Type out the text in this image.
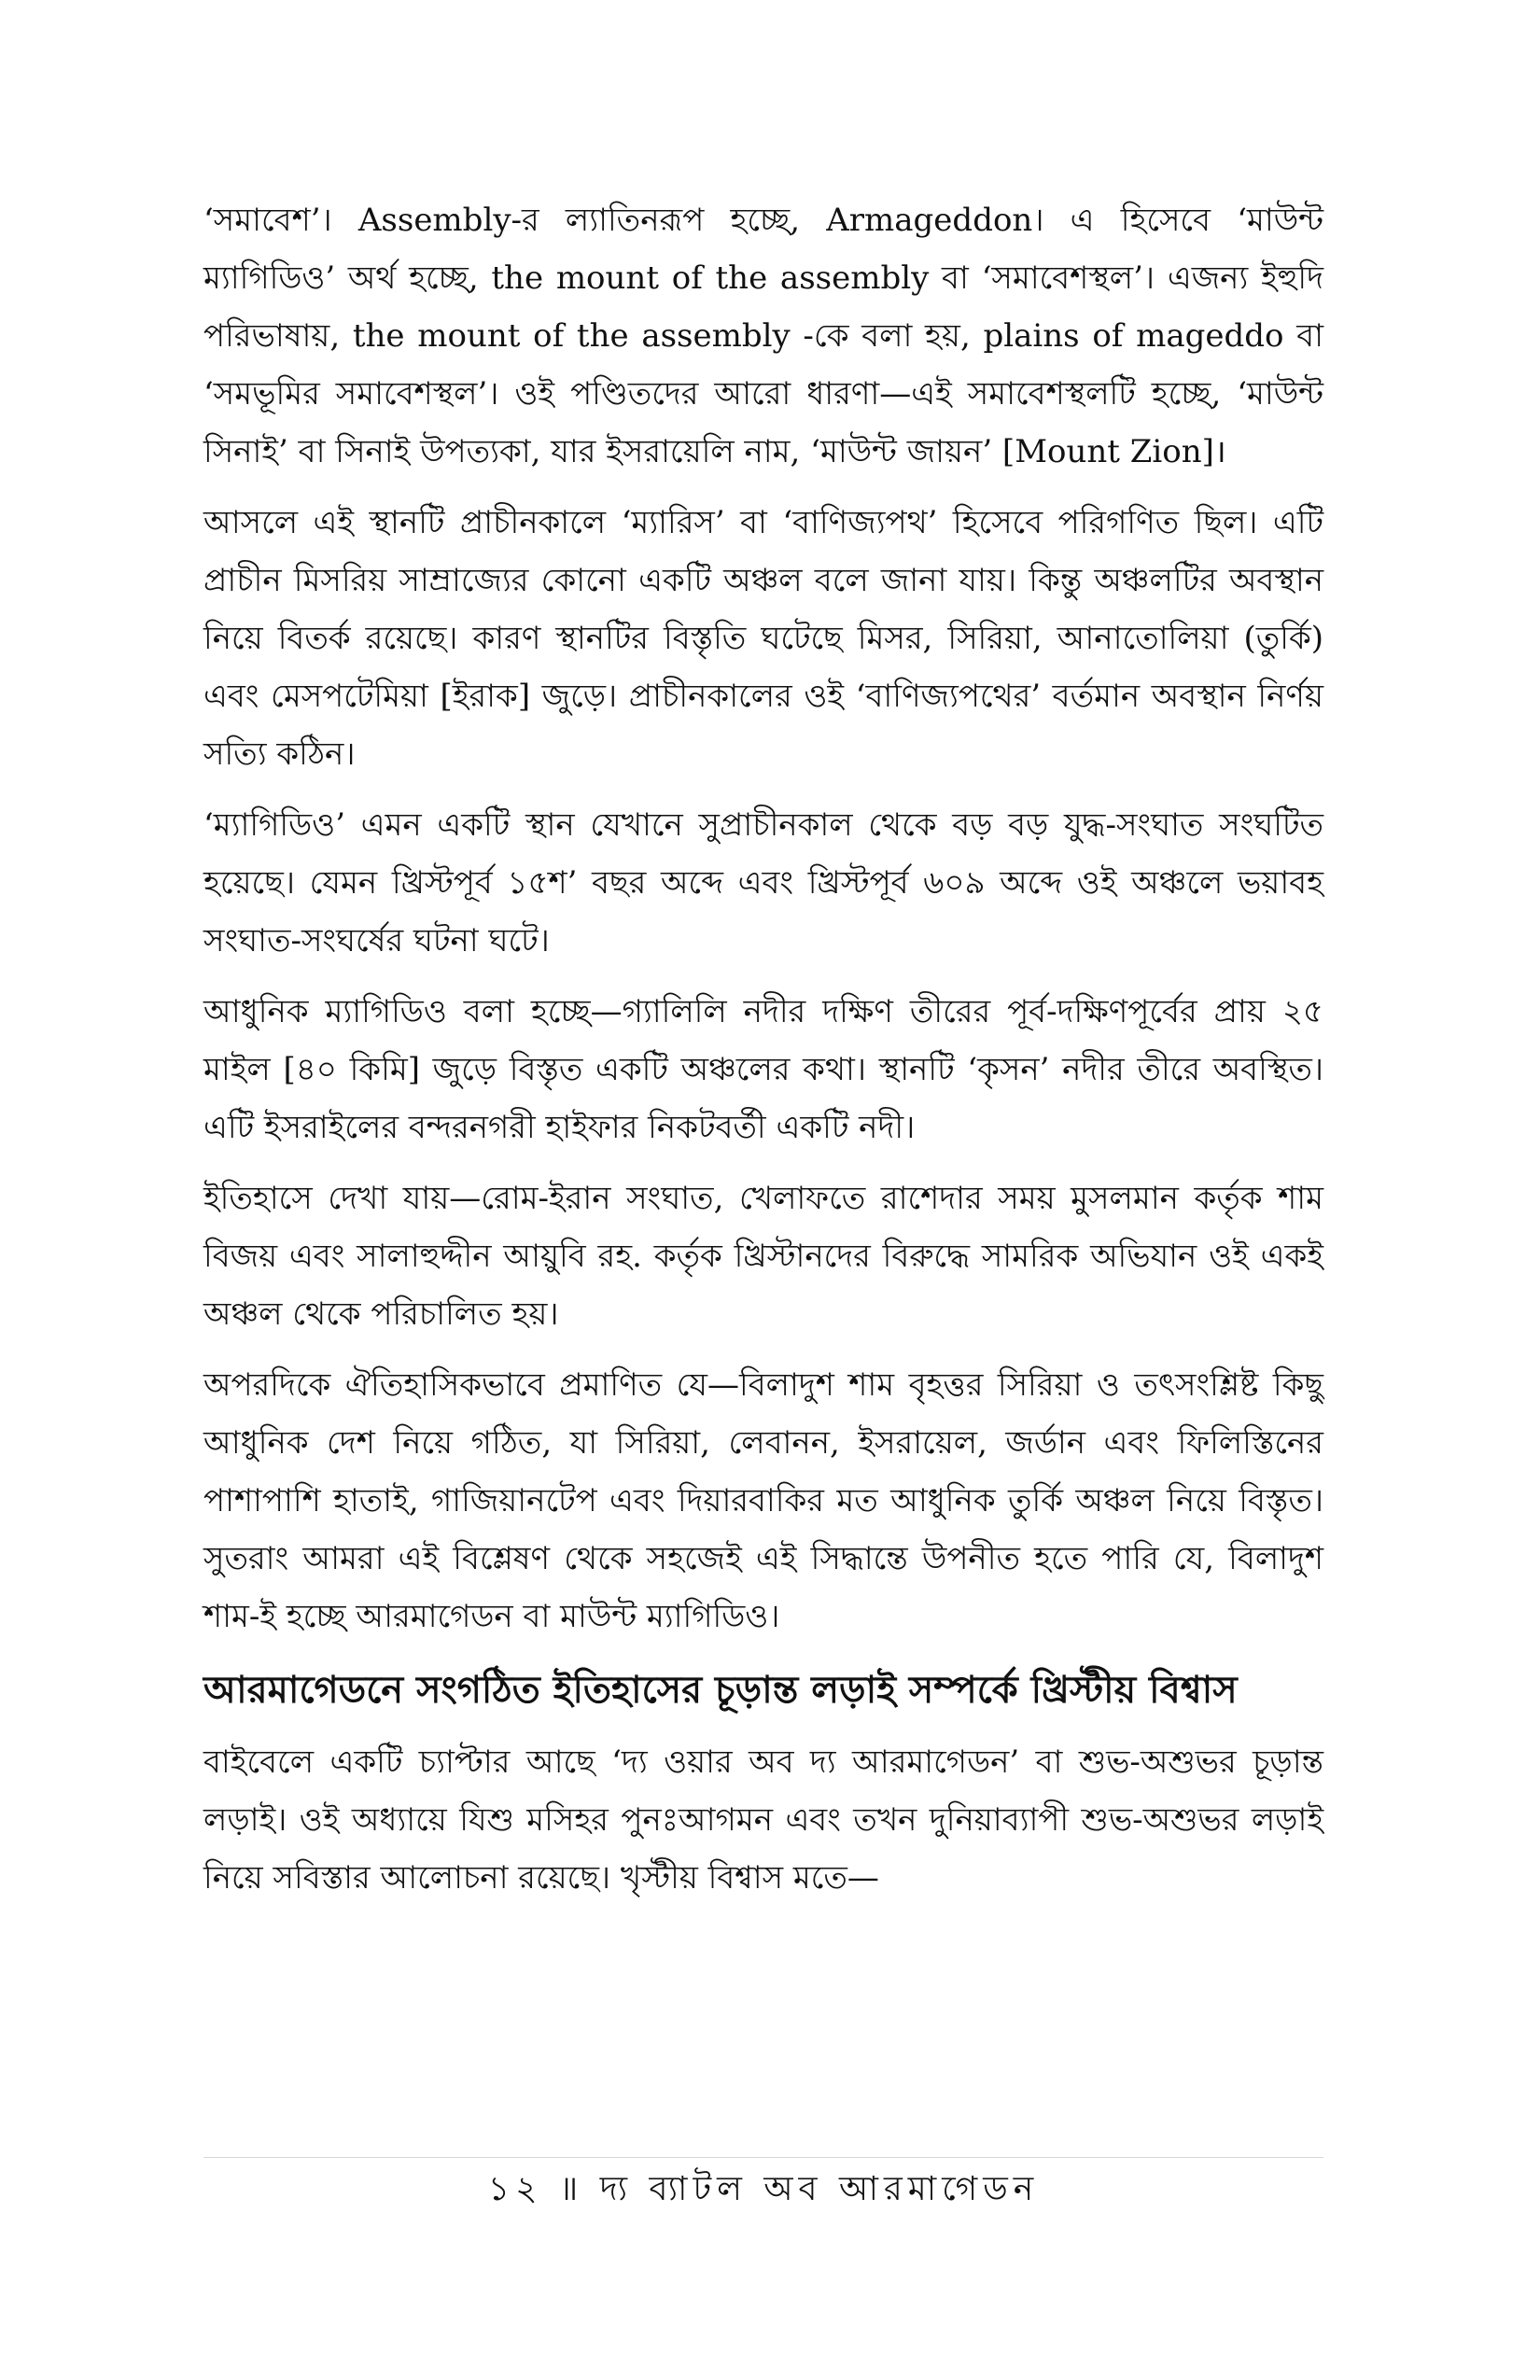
‘সমাবেশ’। Assembly-র ল্যাতিনরূপ হচ্ছে, Armageddon। এ হিসেবে ‘মাউন্ট ম্যাগিডিও’ অর্থ হচ্ছে, the mount of the assembly বা ‘সমাবেশস্থল’। এজন্য ইহুদি পরিভাষায়, the mount of the assembly -কে বলা হয়, plains of mageddo বা ‘সমভূমির সমাবেশস্থল’। ওই পণ্ডিতদের আরো ধারণা—এই সমাবেশস্থলটি হচ্ছে, ‘মাউন্ট সিনাই’ বা সিনাই উপত্যকা, যার ইসরায়েলি নাম, ‘মাউন্ট জায়ন’ [Mount Zion]।

আসলে এই স্থানটি প্রাচীনকালে ‘ম্যারিস’ বা ‘বাণিজ্যপথ’ হিসেবে পরিগণিত ছিল। এটি প্রাচীন মিসরিয় সাম্রাজ্যের কোনো একটি অঞ্চল বলে জানা যায়। কিন্তু অঞ্চলটির অবস্থান নিয়ে বিতর্ক রয়েছে। কারণ স্থানটির বিস্তৃতি ঘটেছে মিসর, সিরিয়া, আনাতোলিয়া (তুর্কি) এবং মেসপটেমিয়া [ইরাক] জুড়ে। প্রাচীনকালের ওই ‘বাণিজ্যপথের’ বর্তমান অবস্থান নির্ণয় সত্যি কঠিন।

‘ম্যাগিডিও’ এমন একটি স্থান যেখানে সুপ্রাচীনকাল থেকে বড় বড় যুদ্ধ-সংঘাত সংঘটিত হয়েছে। যেমন খ্রিস্টপূর্ব ১৫শ’ বছর অব্দে এবং খ্রিস্টপূর্ব ৬০৯ অব্দে ওই অঞ্চলে ভয়াবহ সংঘাত-সংঘর্ষের ঘটনা ঘটে।

আধুনিক ম্যাগিডিও বলা হচ্ছে—গ্যালিলি নদীর দক্ষিণ তীরের পূর্ব-দক্ষিণপূর্বের প্রায় ২৫ মাইল [৪০ কিমি] জুড়ে বিস্তৃত একটি অঞ্চলের কথা। স্থানটি ‘কৃসন’ নদীর তীরে অবস্থিত। এটি ইসরাইলের বন্দরনগরী হাইফার নিকটবর্তী একটি নদী।

ইতিহাসে দেখা যায়—রোম-ইরান সংঘাত, খেলাফতে রাশেদার সময় মুসলমান কর্তৃক শাম বিজয় এবং সালাহুদ্দীন আয়ুবি রহ. কর্তৃক খ্রিস্টানদের বিরুদ্ধে সামরিক অভিযান ওই একই অঞ্চল থেকে পরিচালিত হয়।

অপরদিকে ঐতিহাসিকভাবে প্রমাণিত যে—বিলাদুশ শাম বৃহত্তর সিরিয়া ও তৎসংশ্লিষ্ট কিছু আধুনিক দেশ নিয়ে গঠিত, যা সিরিয়া, লেবানন, ইসরায়েল, জর্ডান এবং ফিলিস্তিনের পাশাপাশি হাতাই, গাজিয়ানটেপ এবং দিয়ারবাকির মত আধুনিক তুর্কি অঞ্চল নিয়ে বিস্তৃত। সুতরাং আমরা এই বিশ্লেষণ থেকে সহজেই এই সিদ্ধান্তে উপনীত হতে পারি যে, বিলাদুশ শাম-ই হচ্ছে আরমাগেডন বা মাউন্ট ম্যাগিডিও।

আরমাগেডনে সংগঠিত ইতিহাসের চূড়ান্ত লড়াই সম্পর্কে খ্রিস্টীয় বিশ্বাস

বাইবেলে একটি চ্যাপ্টার আছে ‘দ্য ওয়ার অব দ্য আরমাগেডন’ বা শুভ-অশুভর চূড়ান্ত লড়াই। ওই অধ্যায়ে যিশু মসিহর পুনঃআগমন এবং তখন দুনিয়াব্যাপী শুভ-অশুভর লড়াই নিয়ে সবিস্তার আলোচনা রয়েছে। খৃস্টীয় বিশ্বাস মতে—

১২ ॥ দ্য ব্যাটল অব আরমাগেডন
